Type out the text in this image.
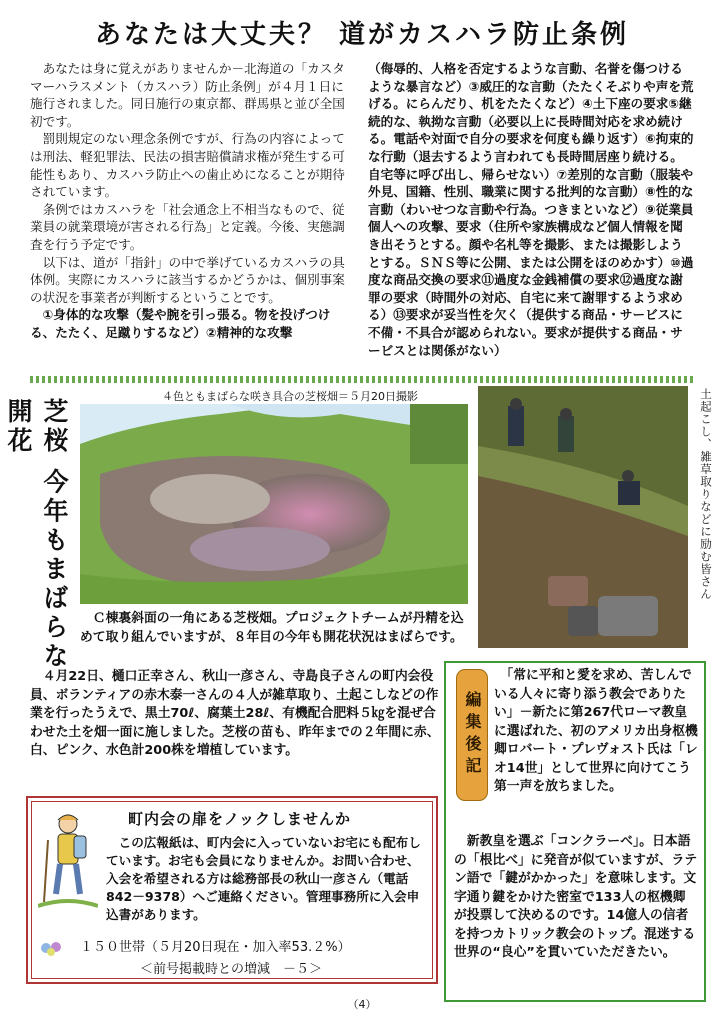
あなたは大丈夫？ 道がカスハラ防止条例

あなたは身に覚えがありませんか－北海道の「カスタマーハラスメント（カスハラ）防止条例」が４月１日に施行されました。同日施行の東京都、群馬県と並び全国初です。

罰則規定のない理念条例ですが、行為の内容によっては刑法、軽犯罪法、民法の損害賠償請求権が発生する可能性もあり、カスハラ防止への歯止めになることが期待されています。

条例ではカスハラを「社会通念上不相当なもので、従業員の就業環境が害される行為」と定義。今後、実態調査を行う予定です。

以下は、道が「指針」の中で挙げているカスハラの具体例。実際にカスハラに該当するかどうかは、個別事案の状況を事業者が判断するということです。

①身体的な攻撃（髪や腕を引っ張る。物を投げつける、たたく、足蹴りするなど）②精神的な攻撃

（侮辱的、人格を否定するような言動、名誉を傷つけるような暴言など）③威圧的な言動（たたくそぶりや声を荒げる。にらんだり、机をたたくなど）④土下座の要求⑤継続的な、執拗な言動（必要以上に長時間対応を求め続ける。電話や対面で自分の要求を何度も繰り返す）⑥拘束的な行動（退去するよう言われても長時間居座り続ける。自宅等に呼び出し、帰らせない）⑦差別的な言動（服装や外見、国籍、性別、職業に関する批判的な言動）⑧性的な言動（わいせつな言動や行為。つきまといなど）⑨従業員個人への攻撃、要求（住所や家族構成など個人情報を聞き出そうとする。顔や名札等を撮影、または撮影しようとする。ＳＮＳ等に公開、または公開をほのめかす）⑩過度な商品交換の要求⑪過度な金銭補償の要求⑫過度な謝罪の要求（時間外の対応、自宅に来て謝罪するよう求める）⑬要求が妥当性を欠く（提供する商品・サービスに不備・不具合が認められない。要求が提供する商品・サービスとは関係がない）

４色ともまばらな咲き具合の芝桜畑＝５月20日撮影
芝桜 今年もまばらな開花	土起こし、雑草取りなどに励む皆さん

Ｃ棟裏斜面の一角にある芝桜畑。プロジェクトチームが丹精を込めて取り組んでいますが、８年目の今年も開花状況はまばらです。

４月22日、樋口正幸さん、秋山一彦さん、寺島良子さんの町内会役員、ボランティアの赤木泰一さんの４人が雑草取り、土起こしなどの作業を行ったうえで、黒土70ℓ、腐葉土28ℓ、有機配合肥料５㎏を混ぜ合わせた土を畑一面に施しました。芝桜の苗も、昨年までの２年間に赤、白、ピンク、水色計200株を増植しています。

町内会の扉をノックしませんか
この広報紙は、町内会に入っていないお宅にも配布しています。お宅も会員になりませんか。お問い合わせ、入会を希望される方は総務部長の秋山一彦さん（電話842－9378）へご連絡ください。管理事務所に入会申込書があります。
１５０世帯（５月20日現在・加入率53.２%）
＜前号掲載時との増減　－５＞
編集後記

「常に平和と愛を求め、苦しんでいる人々に寄り添う教会でありたい」－新たに第267代ローマ教皇に選ばれた、初のアメリカ出身枢機卿ロバート・プレヴォスト氏は「レオ14世」として世界に向けてこう第一声を放ちました。

新教皇を選ぶ「コンクラーベ」。日本語の「根比べ」に発音が似ていますが、ラテン語で「鍵がかかった」を意味します。文字通り鍵をかけた密室で133人の枢機卿が投票して決めるのです。14億人の信者を持つカトリック教会のトップ。混迷する世界の“良心”を貫いていただきたい。

（4）
